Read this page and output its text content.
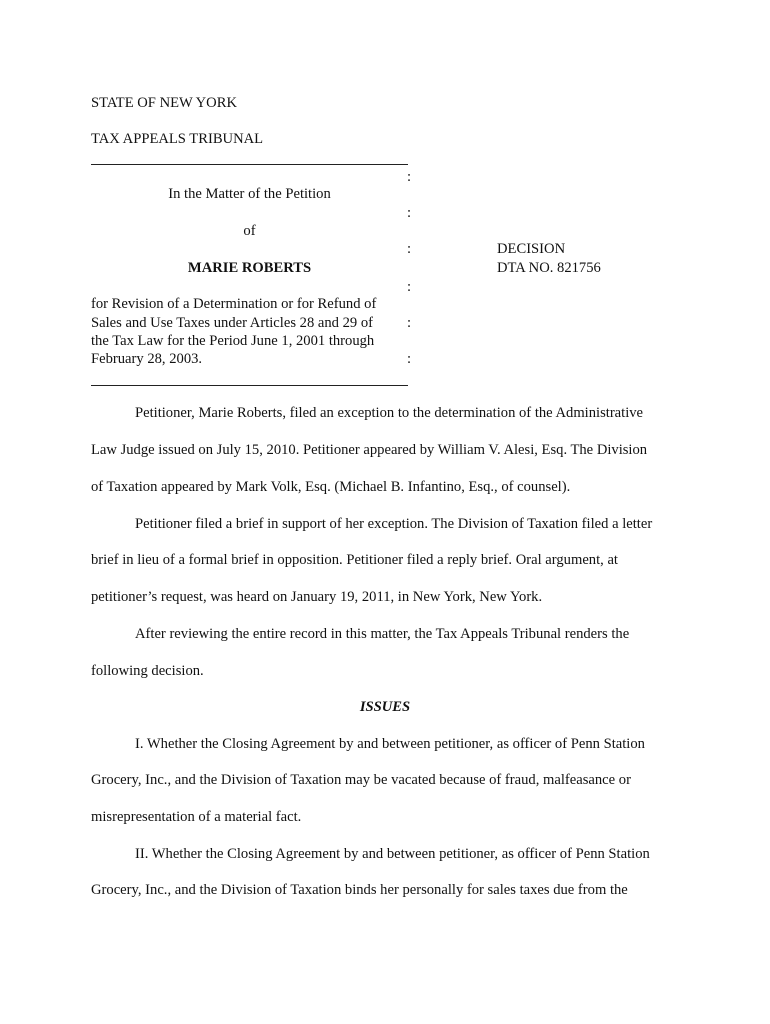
STATE OF NEW YORK
TAX APPEALS TRIBUNAL
:
In the Matter of the Petition
:
of
:
MARIE ROBERTS
:
for Revision of a Determination or for Refund of
Sales and Use Taxes under Articles 28 and 29 of :
the Tax Law for the Period June 1, 2001 through
February 28, 2003.	:
DECISION
DTA NO. 821756
Petitioner, Marie Roberts, filed an exception to the determination of the Administrative
Law Judge issued on July 15, 2010. Petitioner appeared by William V. Alesi, Esq. The Division
of Taxation appeared by Mark Volk, Esq. (Michael B. Infantino, Esq., of counsel).
Petitioner filed a brief in support of her exception. The Division of Taxation filed a letter
brief in lieu of a formal brief in opposition. Petitioner filed a reply brief. Oral argument, at
petitioner’s request, was heard on January 19, 2011, in New York, New York.
After reviewing the entire record in this matter, the Tax Appeals Tribunal renders the
following decision.
ISSUES
I. Whether the Closing Agreement by and between petitioner, as officer of Penn Station
Grocery, Inc., and the Division of Taxation may be vacated because of fraud, malfeasance or
misrepresentation of a material fact.
II. Whether the Closing Agreement by and between petitioner, as officer of Penn Station
Grocery, Inc., and the Division of Taxation binds her personally for sales taxes due from the
